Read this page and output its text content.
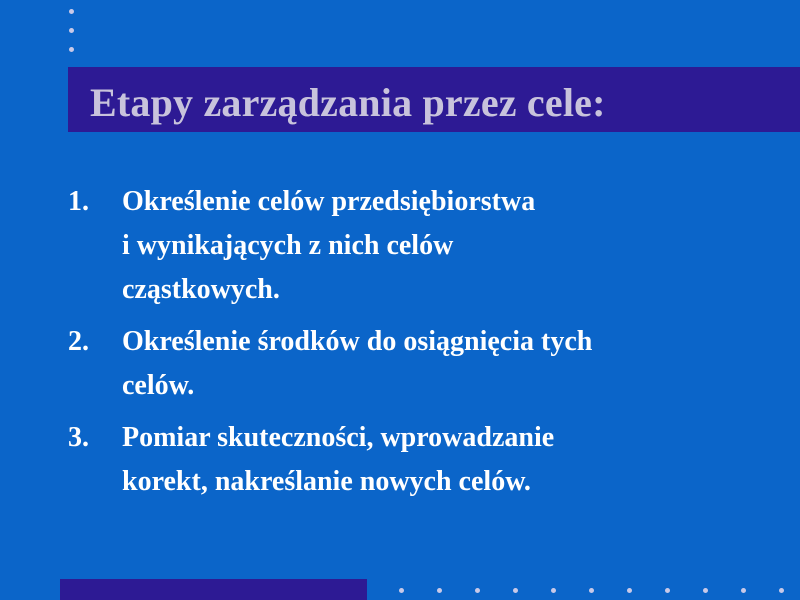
Etapy zarządzania przez cele:
1.	Określenie celów przedsiębiorstwa
i wynikających z nich celów
cząstkowych.
2.	Określenie środków do osiągnięcia tych
celów.
3.	Pomiar skuteczności, wprowadzanie
korekt, nakreślanie nowych celów.
